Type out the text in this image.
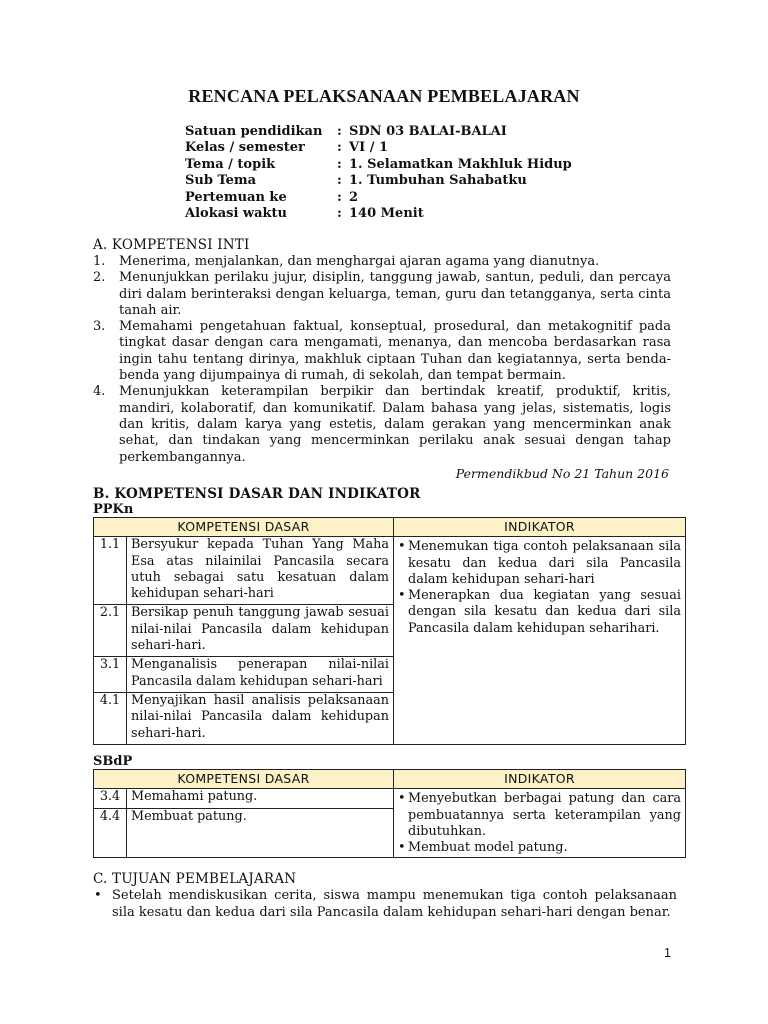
RENCANA PELAKSANAAN PEMBELAJARAN
Satuan pendidikan	: SDN 03 BALAI-BALAI
Kelas / semester	: VI / 1
Tema / topik	: 1. Selamatkan Makhluk Hidup
Sub Tema	: 1. Tumbuhan Sahabatku
Pertemuan ke	: 2
Alokasi waktu	: 140 Menit
A. KOMPETENSI INTI
1.	Menerima, menjalankan, dan menghargai ajaran agama yang dianutnya.
2.	Menunjukkan perilaku jujur, disiplin, tanggung jawab, santun, peduli, dan percaya diri dalam berinteraksi dengan keluarga, teman, guru dan tetangganya, serta cinta tanah air.
3.	Memahami pengetahuan faktual, konseptual, prosedural, dan metakognitif pada tingkat dasar dengan cara mengamati, menanya, dan mencoba berdasarkan rasa ingin tahu tentang dirinya, makhluk ciptaan Tuhan dan kegiatannya, serta benda-benda yang dijumpainya di rumah, di sekolah, dan tempat bermain.
4.	Menunjukkan keterampilan berpikir dan bertindak kreatif, produktif, kritis, mandiri, kolaboratif, dan komunikatif. Dalam bahasa yang jelas, sistematis, logis dan kritis, dalam karya yang estetis, dalam gerakan yang mencerminkan anak sehat, dan tindakan yang mencerminkan perilaku anak sesuai dengan tahap perkembangannya.
Permendikbud No 21 Tahun 2016
B. KOMPETENSI DASAR DAN INDIKATOR
PPKn
KOMPETENSI DASAR		INDIKATOR
1.1	Bersyukur kepada Tuhan Yang Maha Esa atas nilainilai Pancasila secara utuh sebagai satu kesatuan dalam kehidupan sehari-hari	• Menemukan tiga contoh pelaksanaan sila kesatu dan kedua dari sila Pancasila dalam kehidupan sehari-hari
• Menerapkan dua kegiatan yang sesuai dengan sila kesatu dan kedua dari sila Pancasila dalam kehidupan seharihari.

2.1	Bersikap penuh tanggung jawab sesuai nilai-nilai Pancasila dalam kehidupan sehari-hari.	
3.1	Menganalisis penerapan nilai-nilai Pancasila dalam kehidupan sehari-hari	
4.1	Menyajikan hasil analisis pelaksanaan nilai-nilai Pancasila dalam kehidupan sehari-hari.	
SBdP
KOMPETENSI DASAR		INDIKATOR
3.4	Memahami patung.	• Menyebutkan berbagai patung dan cara pembuatannya serta keterampilan yang dibutuhkan.
• Membuat model patung.

4.4	Membuat patung.	
C. TUJUAN PEMBELAJARAN
• Setelah mendiskusikan cerita, siswa mampu menemukan tiga contoh pelaksanaan sila kesatu dan kedua dari sila Pancasila dalam kehidupan sehari-hari dengan benar.
1
